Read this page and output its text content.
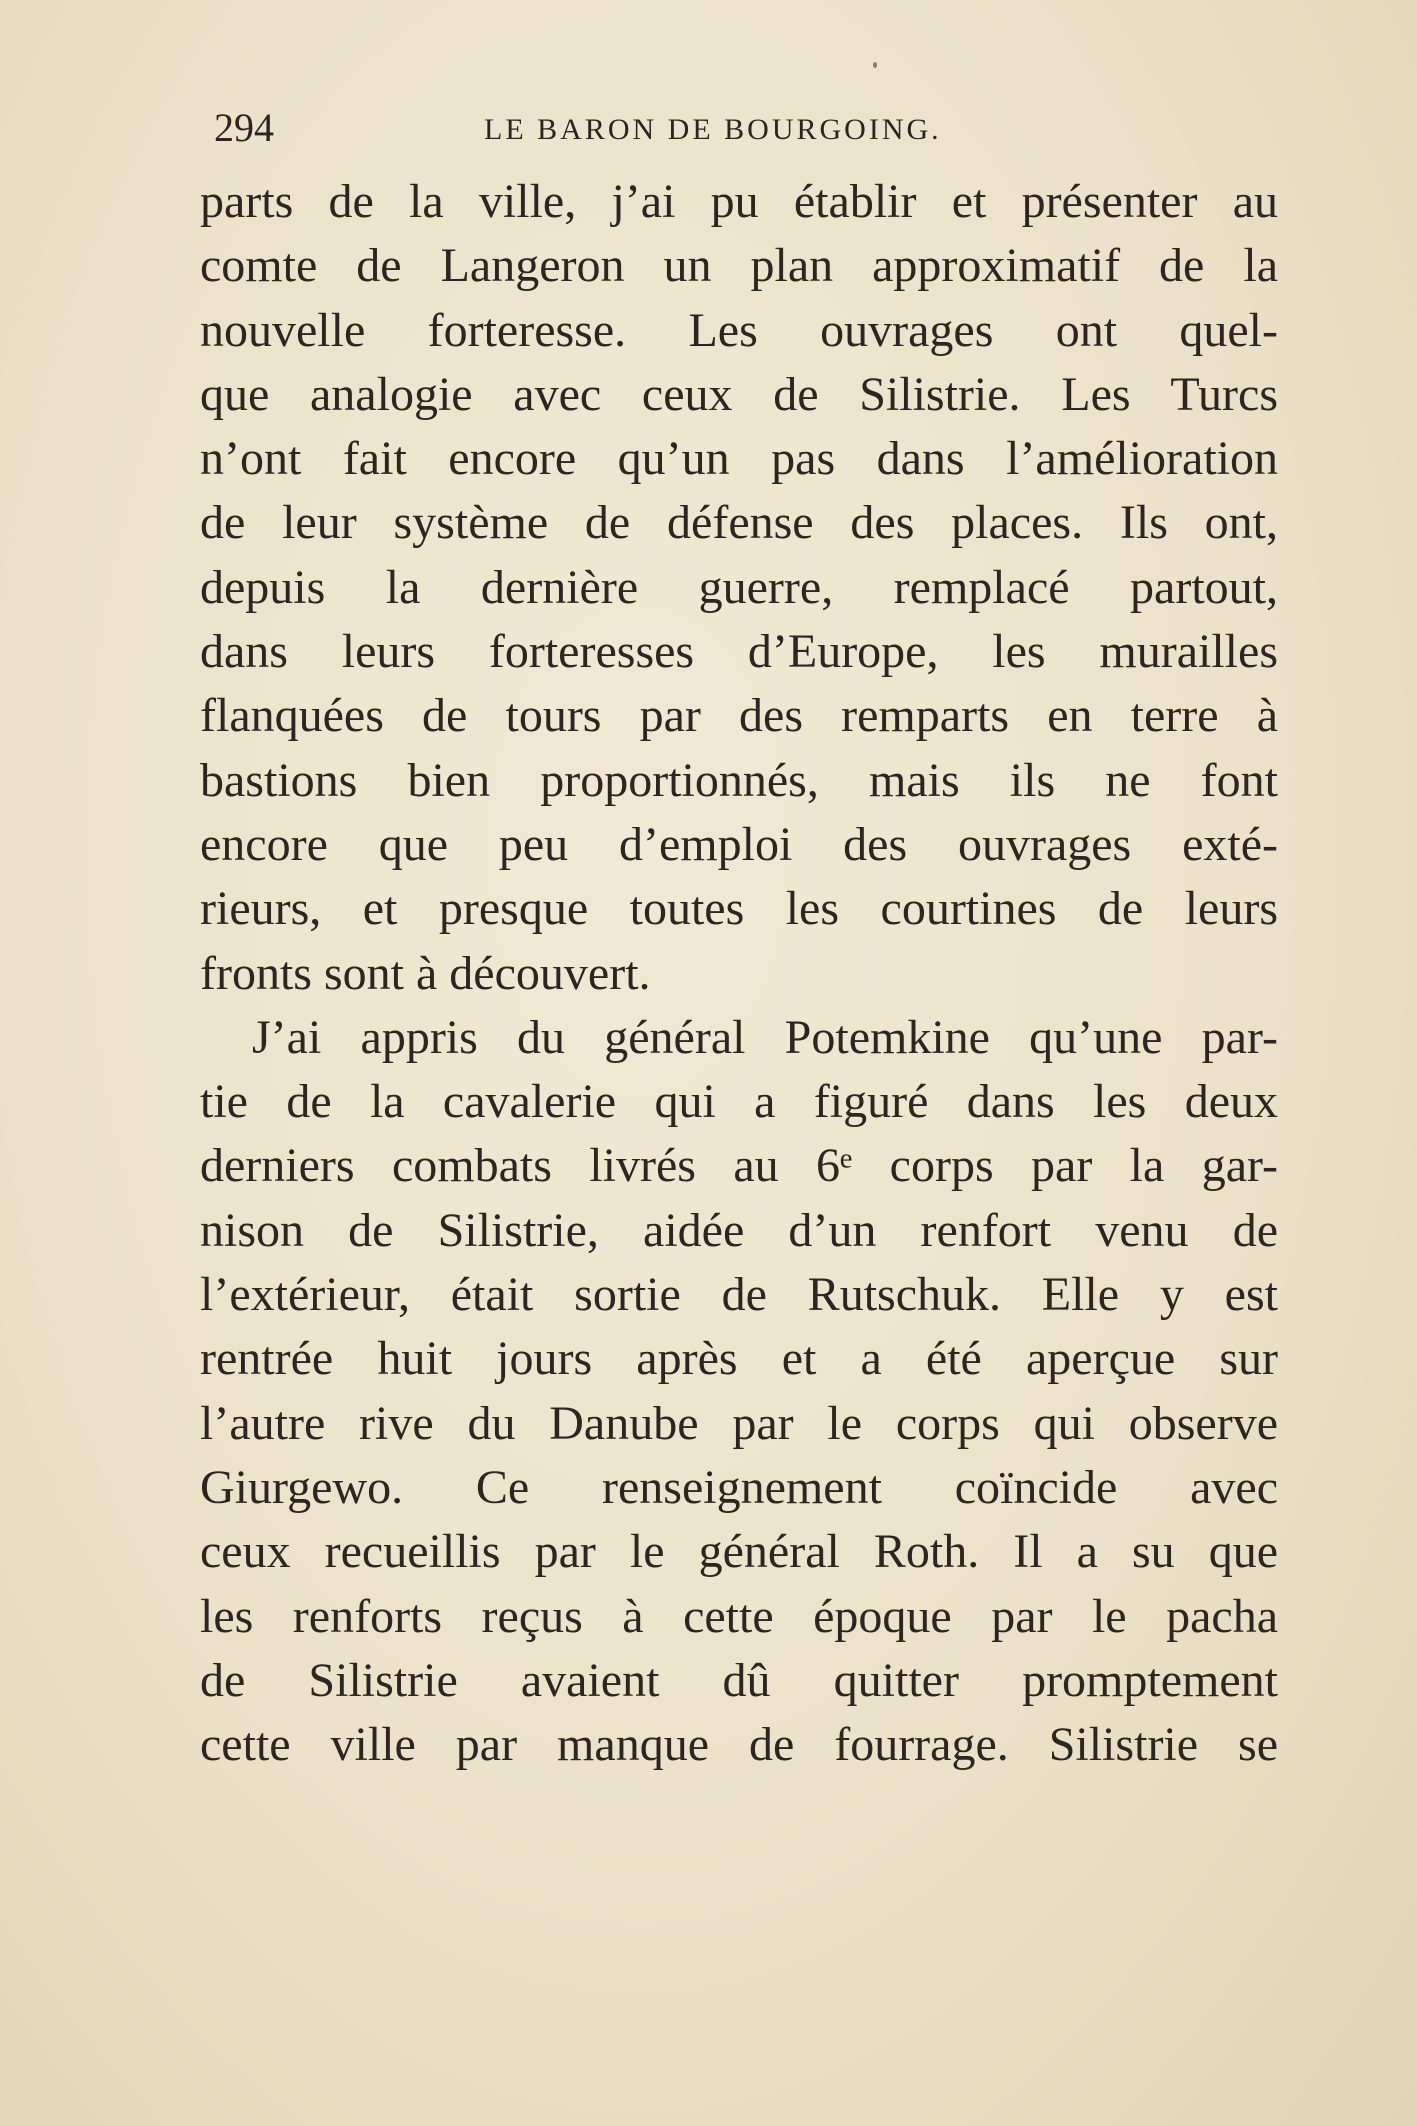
294	LE BARON DE BOURGOING.
parts de la ville, j’ai pu établir et présenter au
comte de Langeron un plan approximatif de la
nouvelle forteresse. Les ouvrages ont quel-
que analogie avec ceux de Silistrie. Les Turcs
n’ont fait encore qu’un pas dans l’amélioration
de leur système de défense des places. Ils ont,
depuis la dernière guerre, remplacé partout,
dans leurs forteresses d’Europe, les murailles
flanquées de tours par des remparts en terre à
bastions bien proportionnés, mais ils ne font
encore que peu d’emploi des ouvrages exté-
rieurs, et presque toutes les courtines de leurs
fronts sont à découvert.
J’ai appris du général Potemkine qu’une par-
tie de la cavalerie qui a figuré dans les deux
derniers combats livrés au 6ᵉ corps par la gar-
nison de Silistrie, aidée d’un renfort venu de
l’extérieur, était sortie de Rutschuk. Elle y est
rentrée huit jours après et a été aperçue sur
l’autre rive du Danube par le corps qui observe
Giurgewo. Ce renseignement coïncide avec
ceux recueillis par le général Roth. Il a su que
les renforts reçus à cette époque par le pacha
de Silistrie avaient dû quitter promptement
cette ville par manque de fourrage. Silistrie se
